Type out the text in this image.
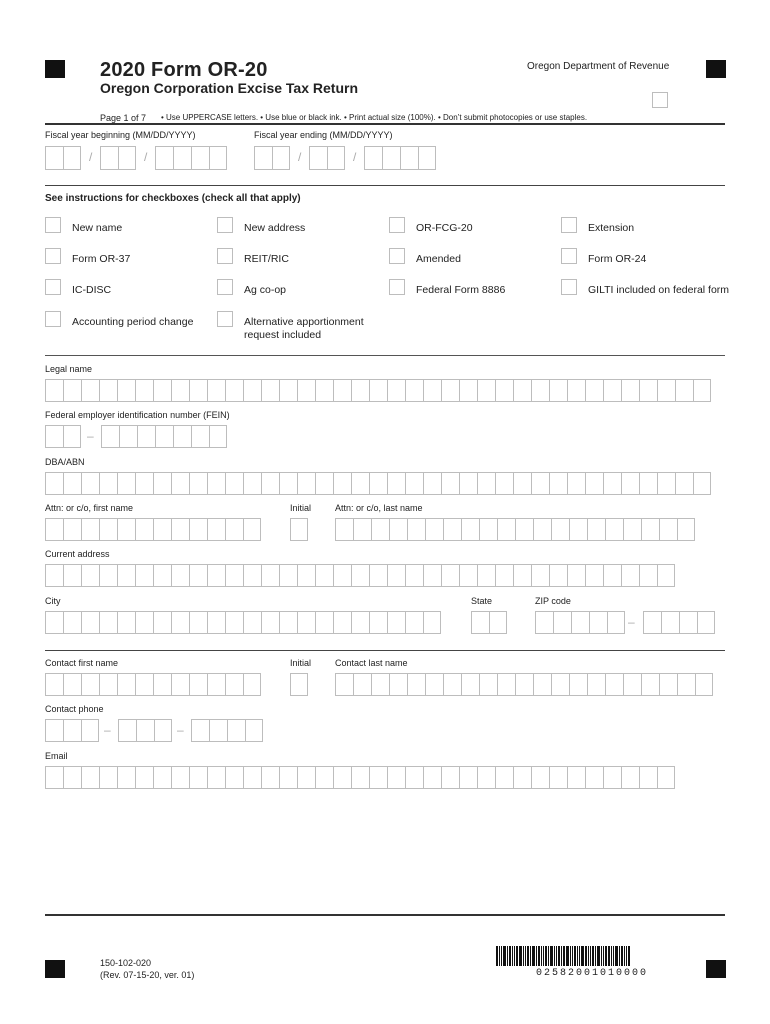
2020 Form OR-20
Oregon Corporation Excise Tax Return
Oregon Department of Revenue
Page 1 of 7 • Use UPPERCASE letters. • Use blue or black ink. • Print actual size (100%). • Don’t submit photocopies or use staples.
Fiscal year beginning (MM/DD/YYYY)	Fiscal year ending (MM/DD/YYYY)
/	/	/	/
See instructions for checkboxes (check all that apply)
New name	New address	OR-FCG-20	Extension
Form OR-37	REIT/RIC	Amended	Form OR-24
IC-DISC	Ag co-op	Federal Form 8886	GILTI included on federal form
Accounting period change	Alternative apportionment request included
Legal name
Federal employer identification number (FEIN)
–
DBA/ABN
Attn: or c/o, first name	Initial	Attn: or c/o, last name
Current address
City	State	ZIP code
–
Contact first name	Initial	Contact last name
Contact phone
–	–
Email
150-102-020
(Rev. 07-15-20, ver. 01)	02582001010000
